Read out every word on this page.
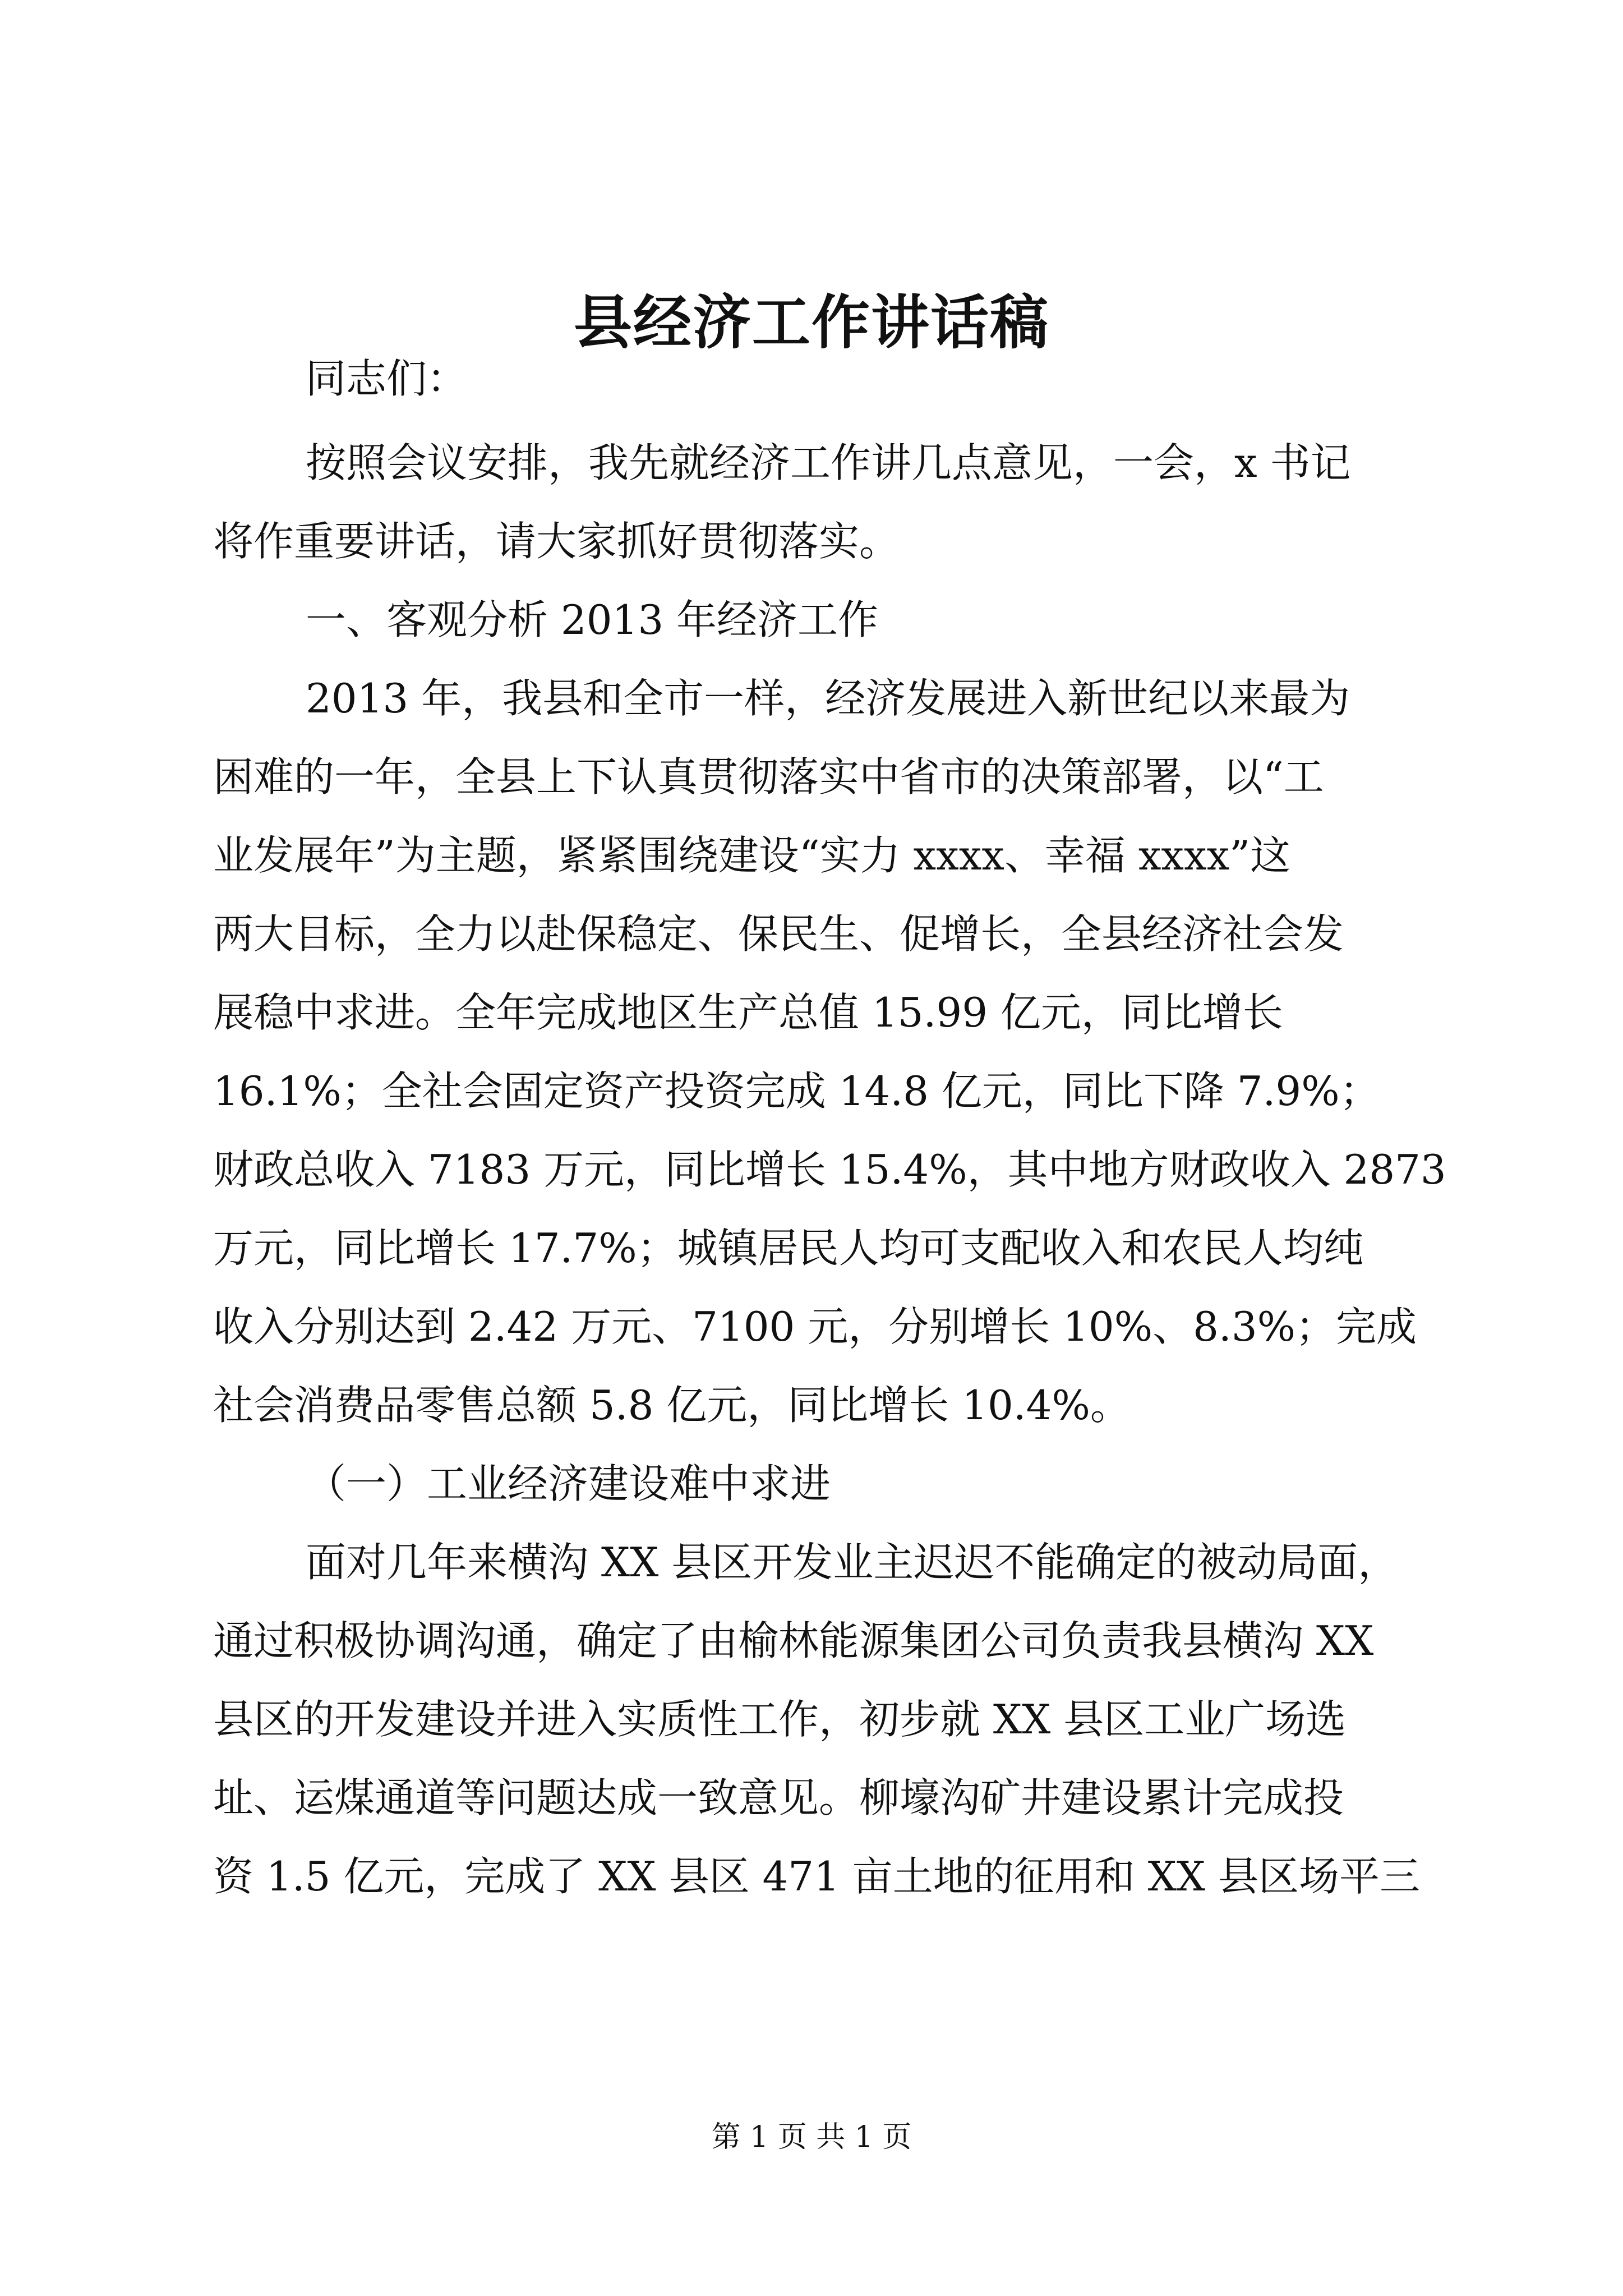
县经济工作讲话稿
同志们：
按照会议安排，我先就经济工作讲几点意见，一会，x 书记
将作重要讲话，请大家抓好贯彻落实。
一、客观分析 2013 年经济工作
2013 年，我县和全市一样，经济发展进入新世纪以来最为
困难的一年，全县上下认真贯彻落实中省市的决策部署，以“工
业发展年”为主题，紧紧围绕建设“实力 xxxx、幸福 xxxx”这
两大目标，全力以赴保稳定、保民生、促增长，全县经济社会发
展稳中求进。全年完成地区生产总值 15.99 亿元，同比增长
16.1%；全社会固定资产投资完成 14.8 亿元，同比下降 7.9%；
财政总收入 7183 万元，同比增长 15.4%，其中地方财政收入 2873
万元，同比增长 17.7%；城镇居民人均可支配收入和农民人均纯
收入分别达到 2.42 万元、7100 元，分别增长 10%、8.3%；完成
社会消费品零售总额 5.8 亿元，同比增长 10.4%。
（一）工业经济建设难中求进
面对几年来横沟 XX 县区开发业主迟迟不能确定的被动局面，
通过积极协调沟通，确定了由榆林能源集团公司负责我县横沟 XX
县区的开发建设并进入实质性工作，初步就 XX 县区工业广场选
址、运煤通道等问题达成一致意见。柳壕沟矿井建设累计完成投
资 1.5 亿元，完成了 XX 县区 471 亩土地的征用和 XX 县区场平三
第 1 页 共 1 页
